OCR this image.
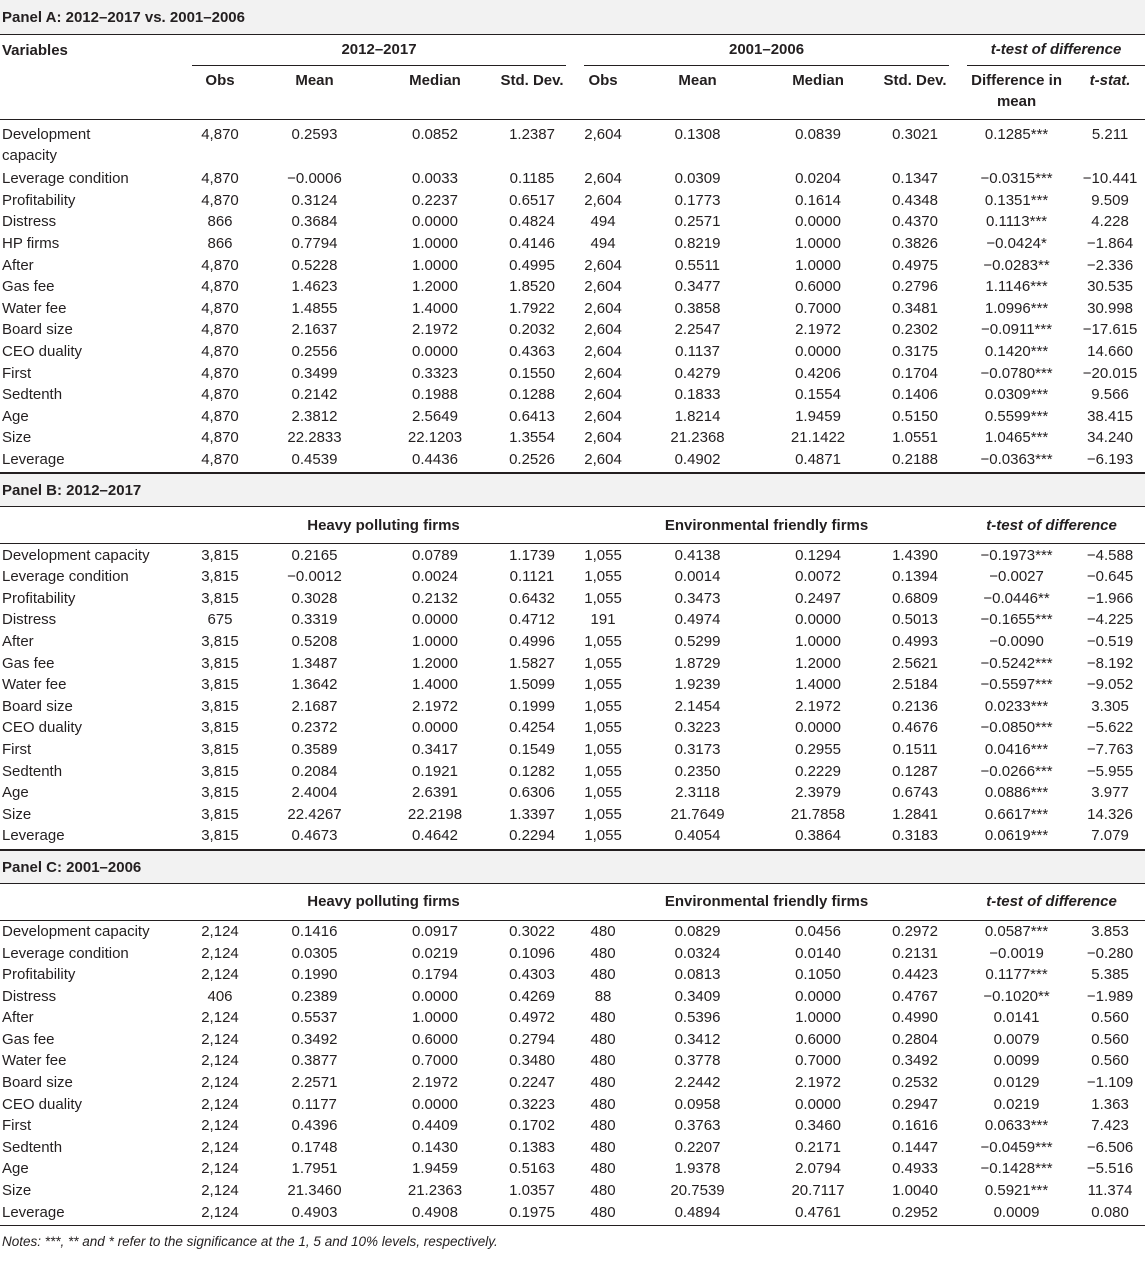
Panel A: 2012–2017 vs. 2001–2006
Variables	2012–2017				2001–2006				t-test of difference	
	Obs	Mean	Median	Std. Dev.	Obs	Mean	Median	Std. Dev.	Difference in mean	t-stat.
Development
capacity	4,870	0.2593	0.0852	1.2387	2,604	0.1308	0.0839	0.3021	0.1285***	5.211
Leverage condition	4,870	−0.0006	0.0033	0.1185	2,604	0.0309	0.0204	0.1347	−0.0315***	−10.441
Profitability	4,870	0.3124	0.2237	0.6517	2,604	0.1773	0.1614	0.4348	0.1351***	9.509
Distress	866	0.3684	0.0000	0.4824	494	0.2571	0.0000	0.4370	0.1113***	4.228
HP firms	866	0.7794	1.0000	0.4146	494	0.8219	1.0000	0.3826	−0.0424*	−1.864
After	4,870	0.5228	1.0000	0.4995	2,604	0.5511	1.0000	0.4975	−0.0283**	−2.336
Gas fee	4,870	1.4623	1.2000	1.8520	2,604	0.3477	0.6000	0.2796	1.1146***	30.535
Water fee	4,870	1.4855	1.4000	1.7922	2,604	0.3858	0.7000	0.3481	1.0996***	30.998
Board size	4,870	2.1637	2.1972	0.2032	2,604	2.2547	2.1972	0.2302	−0.0911***	−17.615
CEO duality	4,870	0.2556	0.0000	0.4363	2,604	0.1137	0.0000	0.3175	0.1420***	14.660
First	4,870	0.3499	0.3323	0.1550	2,604	0.4279	0.4206	0.1704	−0.0780***	−20.015
Sedtenth	4,870	0.2142	0.1988	0.1288	2,604	0.1833	0.1554	0.1406	0.0309***	9.566
Age	4,870	2.3812	2.5649	0.6413	2,604	1.8214	1.9459	0.5150	0.5599***	38.415
Size	4,870	22.2833	22.1203	1.3554	2,604	21.2368	21.1422	1.0551	1.0465***	34.240
Leverage	4,870	0.4539	0.4436	0.2526	2,604	0.4902	0.4871	0.2188	−0.0363***	−6.193
Panel B: 2012–2017
	Heavy polluting firms				Environmental friendly firms				t-test of difference	
Development capacity	3,815	0.2165	0.0789	1.1739	1,055	0.4138	0.1294	1.4390	−0.1973***	−4.588
Leverage condition	3,815	−0.0012	0.0024	0.1121	1,055	0.0014	0.0072	0.1394	−0.0027	−0.645
Profitability	3,815	0.3028	0.2132	0.6432	1,055	0.3473	0.2497	0.6809	−0.0446**	−1.966
Distress	675	0.3319	0.0000	0.4712	191	0.4974	0.0000	0.5013	−0.1655***	−4.225
After	3,815	0.5208	1.0000	0.4996	1,055	0.5299	1.0000	0.4993	−0.0090	−0.519
Gas fee	3,815	1.3487	1.2000	1.5827	1,055	1.8729	1.2000	2.5621	−0.5242***	−8.192
Water fee	3,815	1.3642	1.4000	1.5099	1,055	1.9239	1.4000	2.5184	−0.5597***	−9.052
Board size	3,815	2.1687	2.1972	0.1999	1,055	2.1454	2.1972	0.2136	0.0233***	3.305
CEO duality	3,815	0.2372	0.0000	0.4254	1,055	0.3223	0.0000	0.4676	−0.0850***	−5.622
First	3,815	0.3589	0.3417	0.1549	1,055	0.3173	0.2955	0.1511	0.0416***	−7.763
Sedtenth	3,815	0.2084	0.1921	0.1282	1,055	0.2350	0.2229	0.1287	−0.0266***	−5.955
Age	3,815	2.4004	2.6391	0.6306	1,055	2.3118	2.3979	0.6743	0.0886***	3.977
Size	3,815	22.4267	22.2198	1.3397	1,055	21.7649	21.7858	1.2841	0.6617***	14.326
Leverage	3,815	0.4673	0.4642	0.2294	1,055	0.4054	0.3864	0.3183	0.0619***	7.079
Panel C: 2001–2006
	Heavy polluting firms				Environmental friendly firms				t-test of difference	
Development capacity	2,124	0.1416	0.0917	0.3022	480	0.0829	0.0456	0.2972	0.0587***	3.853
Leverage condition	2,124	0.0305	0.0219	0.1096	480	0.0324	0.0140	0.2131	−0.0019	−0.280
Profitability	2,124	0.1990	0.1794	0.4303	480	0.0813	0.1050	0.4423	0.1177***	5.385
Distress	406	0.2389	0.0000	0.4269	88	0.3409	0.0000	0.4767	−0.1020**	−1.989
After	2,124	0.5537	1.0000	0.4972	480	0.5396	1.0000	0.4990	0.0141	0.560
Gas fee	2,124	0.3492	0.6000	0.2794	480	0.3412	0.6000	0.2804	0.0079	0.560
Water fee	2,124	0.3877	0.7000	0.3480	480	0.3778	0.7000	0.3492	0.0099	0.560
Board size	2,124	2.2571	2.1972	0.2247	480	2.2442	2.1972	0.2532	0.0129	−1.109
CEO duality	2,124	0.1177	0.0000	0.3223	480	0.0958	0.0000	0.2947	0.0219	1.363
First	2,124	0.4396	0.4409	0.1702	480	0.3763	0.3460	0.1616	0.0633***	7.423
Sedtenth	2,124	0.1748	0.1430	0.1383	480	0.2207	0.2171	0.1447	−0.0459***	−6.506
Age	2,124	1.7951	1.9459	0.5163	480	1.9378	2.0794	0.4933	−0.1428***	−5.516
Size	2,124	21.3460	21.2363	1.0357	480	20.7539	20.7117	1.0040	0.5921***	11.374
Leverage	2,124	0.4903	0.4908	0.1975	480	0.4894	0.4761	0.2952	0.0009	0.080
Notes: ***, ** and * refer to the significance at the 1, 5 and 10% levels, respectively.
